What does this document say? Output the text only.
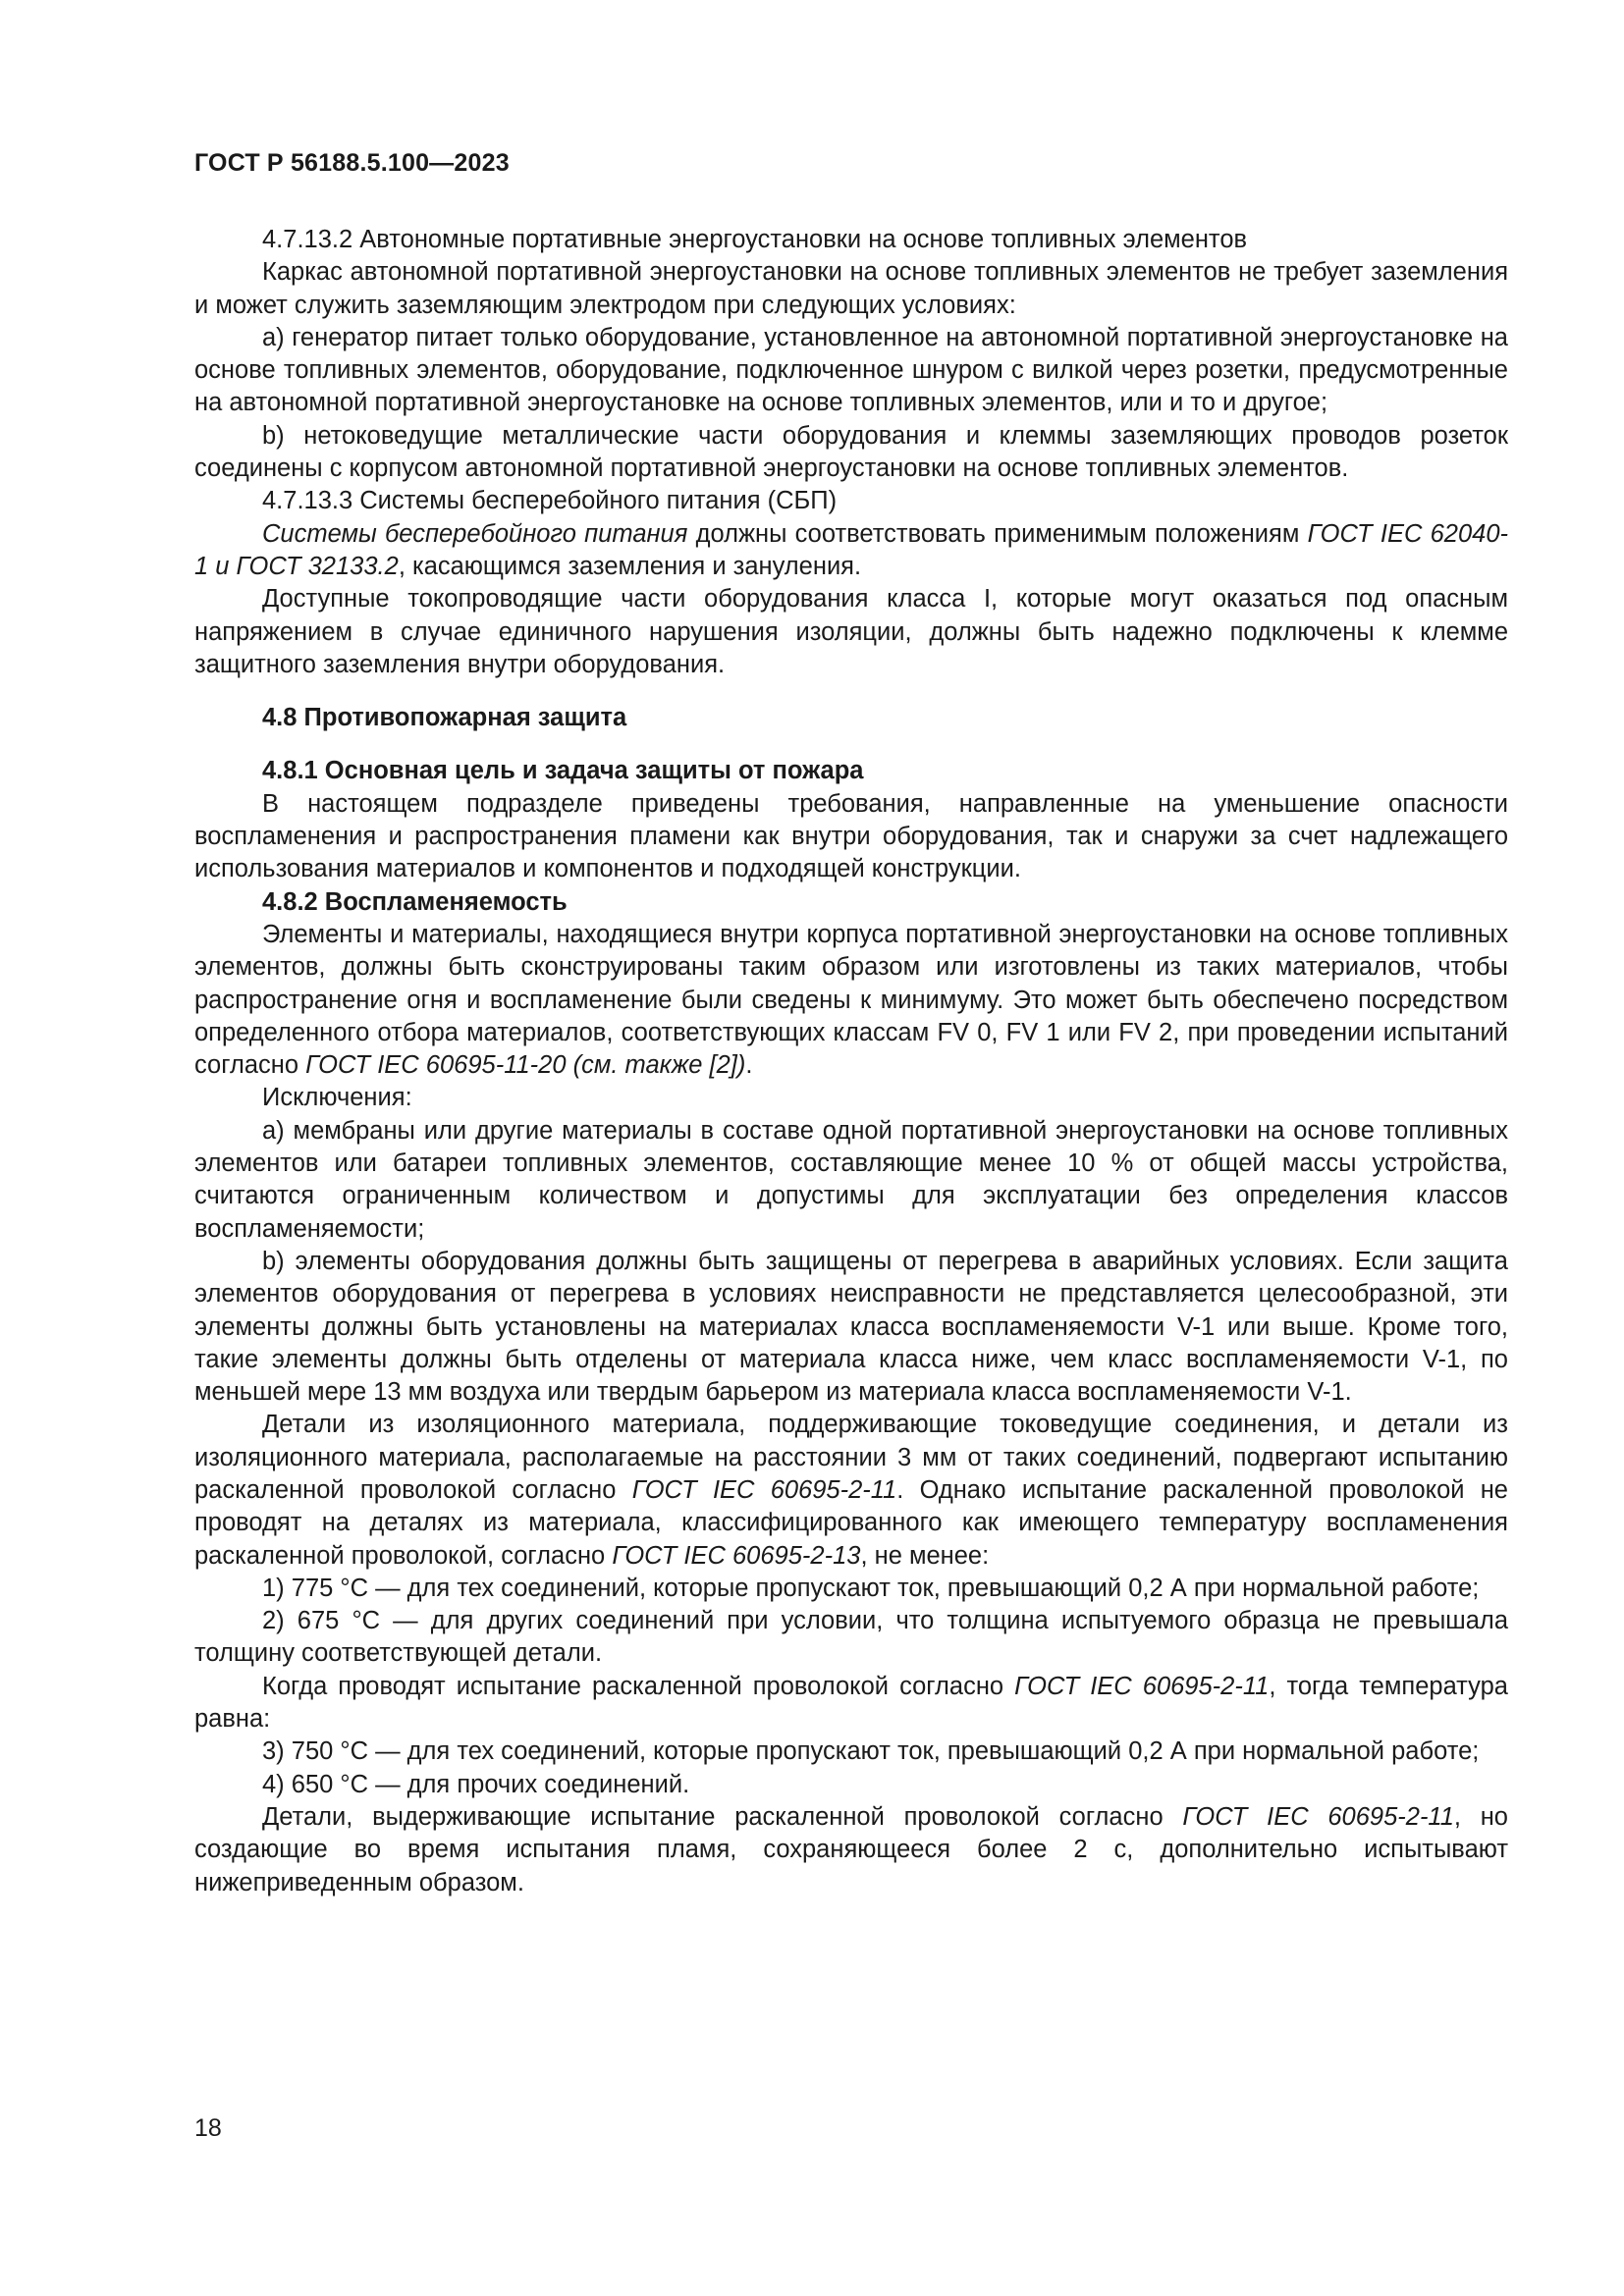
ГОСТ Р 56188.5.100—2023

4.7.13.2 Автономные портативные энергоустановки на основе топливных элементов

Каркас автономной портативной энергоустановки на основе топливных элементов не требует заземления и может служить заземляющим электродом при следующих условиях:

a) генератор питает только оборудование, установленное на автономной портативной энергоустановке на основе топливных элементов, оборудование, подключенное шнуром с вилкой через розетки, предусмотренные на автономной портативной энергоустановке на основе топливных элементов, или и то и другое;

b) нетоковедущие металлические части оборудования и клеммы заземляющих проводов розеток соединены с корпусом автономной портативной энергоустановки на основе топливных элементов.

4.7.13.3 Системы бесперебойного питания (СБП)

Системы бесперебойного питания должны соответствовать применимым положениям ГОСТ IEC 62040-1 и ГОСТ 32133.2, касающимся заземления и зануления.

Доступные токопроводящие части оборудования класса I, которые могут оказаться под опасным напряжением в случае единичного нарушения изоляции, должны быть надежно подключены к клемме защитного заземления внутри оборудования.

4.8 Противопожарная защита
4.8.1 Основная цель и задача защиты от пожара

В настоящем подразделе приведены требования, направленные на уменьшение опасности воспламенения и распространения пламени как внутри оборудования, так и снаружи за счет надлежащего использования материалов и компонентов и подходящей конструкции.

4.8.2 Воспламеняемость

Элементы и материалы, находящиеся внутри корпуса портативной энергоустановки на основе топливных элементов, должны быть сконструированы таким образом или изготовлены из таких материалов, чтобы распространение огня и воспламенение были сведены к минимуму. Это может быть обеспечено посредством определенного отбора материалов, соответствующих классам FV 0, FV 1 или FV 2, при проведении испытаний согласно ГОСТ IEC 60695-11-20 (см. также [2]).

Исключения:

a) мембраны или другие материалы в составе одной портативной энергоустановки на основе топливных элементов или батареи топливных элементов, составляющие менее 10 % от общей массы устройства, считаются ограниченным количеством и допустимы для эксплуатации без определения классов воспламеняемости;

b) элементы оборудования должны быть защищены от перегрева в аварийных условиях. Если защита элементов оборудования от перегрева в условиях неисправности не представляется целесообразной, эти элементы должны быть установлены на материалах класса воспламеняемости V-1 или выше. Кроме того, такие элементы должны быть отделены от материала класса ниже, чем класс воспламеняемости V-1, по меньшей мере 13 мм воздуха или твердым барьером из материала класса воспламеняемости V-1.

Детали из изоляционного материала, поддерживающие токоведущие соединения, и детали из изоляционного материала, располагаемые на расстоянии 3 мм от таких соединений, подвергают испытанию раскаленной проволокой согласно ГОСТ IEC 60695-2-11. Однако испытание раскаленной проволокой не проводят на деталях из материала, классифицированного как имеющего температуру воспламенения раскаленной проволокой, согласно ГОСТ IEC 60695-2-13, не менее:

1) 775 °C — для тех соединений, которые пропускают ток, превышающий 0,2 А при нормальной работе;

2) 675 °C — для других соединений при условии, что толщина испытуемого образца не превышала толщину соответствующей детали.

Когда проводят испытание раскаленной проволокой согласно ГОСТ IEC 60695-2-11, тогда температура равна:

3) 750 °C — для тех соединений, которые пропускают ток, превышающий 0,2 А при нормальной работе;

4) 650 °C — для прочих соединений.

Детали, выдерживающие испытание раскаленной проволокой согласно ГОСТ IEC 60695-2-11, но создающие во время испытания пламя, сохраняющееся более 2 с, дополнительно испытывают нижеприведенным образом.

18
